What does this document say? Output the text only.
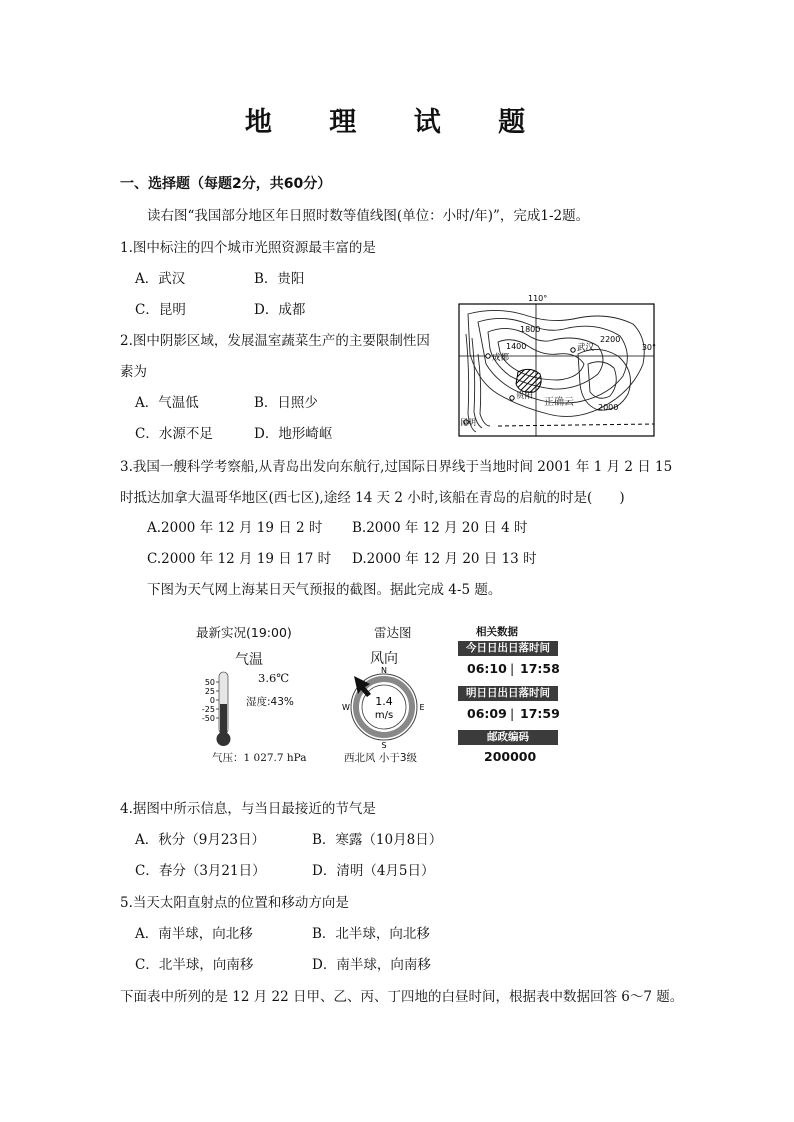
地 理 试 题
一、选择题（每题2分，共60分）
读右图“我国部分地区年日照时数等值线图(单位：小时/年)”，完成1-2题。
1.图中标注的四个城市光照资源最丰富的是
A．武汉	B．贵阳
C．昆明	D．成都
2.图中阴影区域，发展温室蔬菜生产的主要限制性因
素为
A．气温低	B．日照少
C．水源不足	D．地形崎岖
110°
30°
1800
1400
2200
2000
成都
武汉
贵阳
昆明
正确云
3.我国一艘科学考察船,从青岛出发向东航行,过国际日界线于当地时间 2001 年 1 月 2 日 15
时抵达加拿大温哥华地区(西七区),途经 14 天 2 小时,该船在青岛的启航的时是(　　)
A.2000 年 12 月 19 日 2 时 B.2000 年 12 月 20 日 4 时
C.2000 年 12 月 19 日 17 时 D.2000 年 12 月 20 日 13 时
下图为天气网上海某日天气预报的截图。据此完成 4-5 题。
最新实况(19:00)
气温
3.6℃
湿度:43%
50
25
0
-25
-50
气压：1 027.7 hPa
雷达图
风向
N
S
E
W 1.4
m/s
西北风 小于3级
相关数据
今日日出日落时间
06:10 | 17:58
明日日出日落时间
06:09 | 17:59
邮政编码
200000
4.据图中所示信息，与当日最接近的节气是
A．秋分（9月23日）	B．寒露（10月8日）
C．春分（3月21日）	D．清明（4月5日）
5.当天太阳直射点的位置和移动方向是
A．南半球，向北移	B．北半球，向北移
C．北半球，向南移	D．南半球，向南移
下面表中所列的是 12 月 22 日甲、乙、丙、丁四地的白昼时间，根据表中数据回答 6～7 题。
